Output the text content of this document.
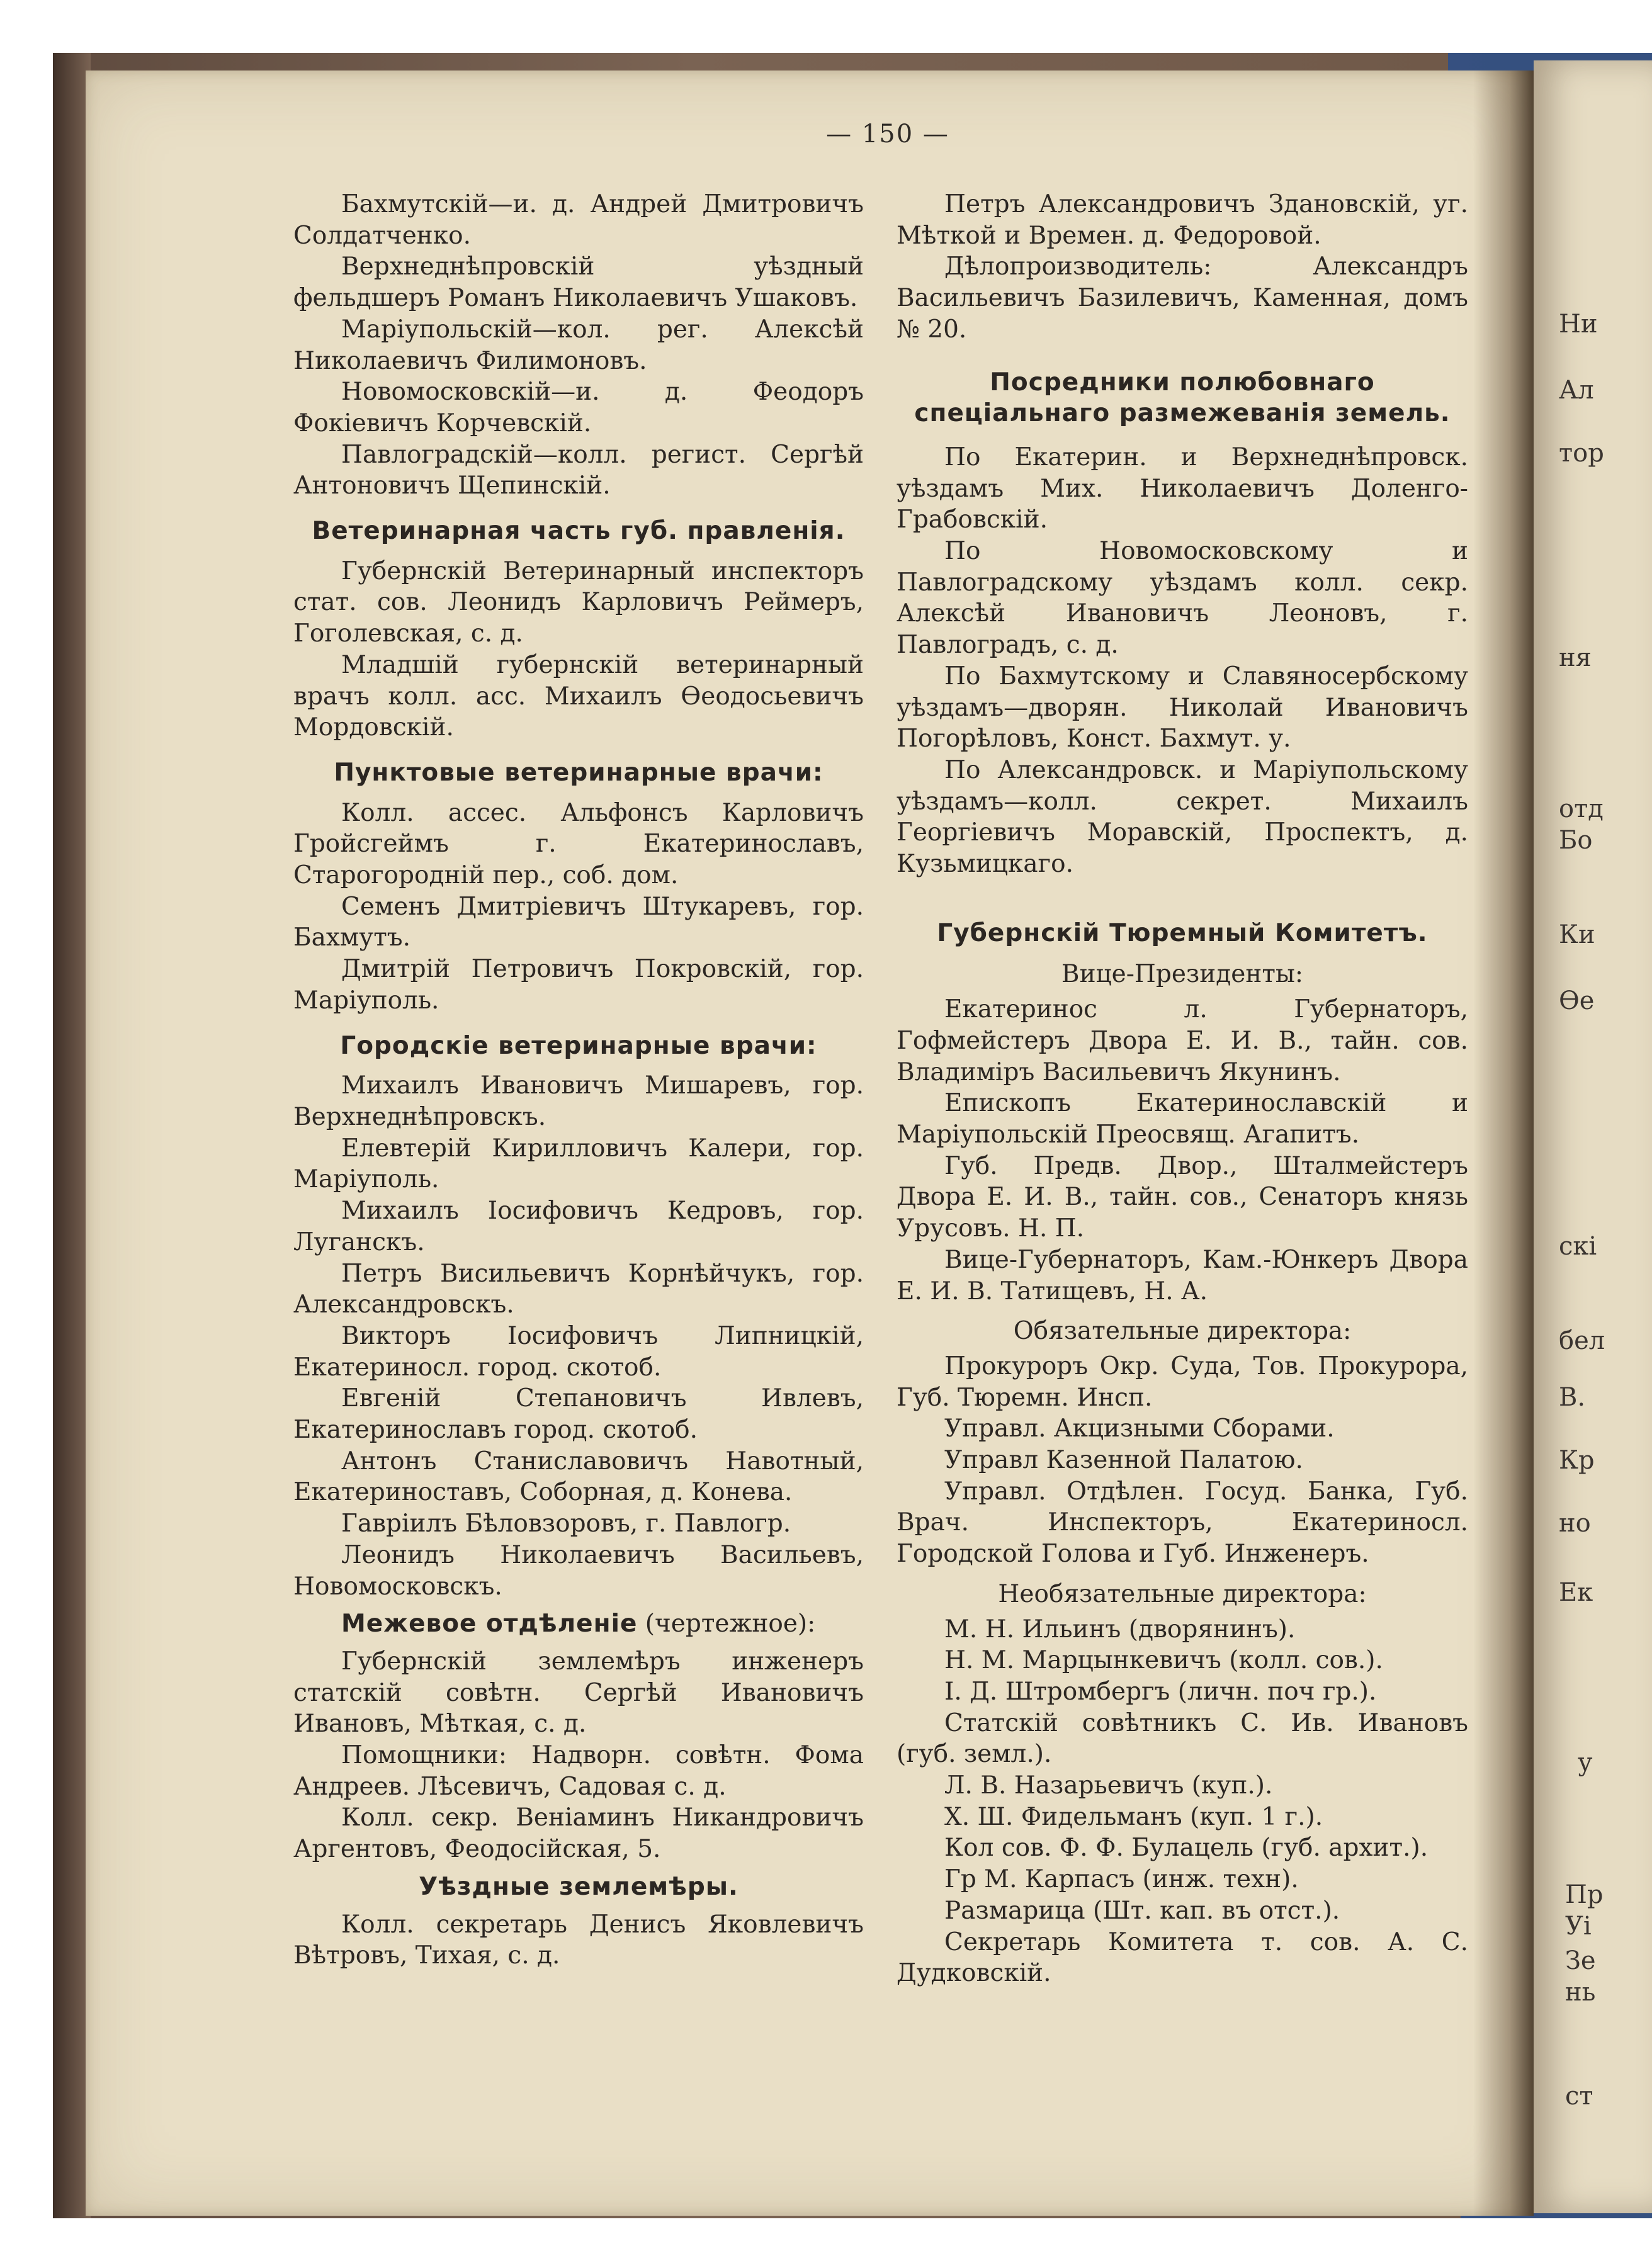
Ни
Ал
тор
ня
отд
Бо
Ки
Ѳе
скі
бел
В.
Кр
но
Ек
у
Пр
Уі
Зе
нь
ст
— 150 —

Бахмутскій—и. д. Андрей Дмитровичъ Солдатченко.

Верхнеднѣпровскій уѣздный фельдшеръ Романъ Николаевичъ Ушаковъ.

Маріупольскій—кол. рег. Алексѣй Николаевичъ Филимоновъ.

Новомосковскій—и. д. Феодоръ Фокіевичъ Корчевскій.

Павлоградскій—колл. регист. Сергѣй Антоновичъ Щепинскій.

Ветеринарная часть губ. правленія.

Губернскій Ветеринарный инспекторъ стат. сов. Леонидъ Карловичъ Реймеръ, Гоголевская, с. д.

Младшій губернскій ветеринарный врачъ колл. асс. Михаилъ Өеодосьевичъ Мордовскій.

Пунктовые ветеринарные врачи:

Колл. ассес. Альфонсъ Карловичъ Гройсгеймъ г. Екатеринославъ, Старогородній пер., соб. дом.

Семенъ Дмитріевичъ Штукаревъ, гор. Бахмутъ.

Дмитрій Петровичъ Покровскій, гор. Маріуполь.

Городскіе ветеринарные врачи:

Михаилъ Ивановичъ Мишаревъ, гор. Верхнеднѣпровскъ.

Елевтерій Кирилловичъ Калери, гор. Маріуполь.

Михаилъ Іосифовичъ Кедровъ, гор. Луганскъ.

Петръ Висильевичъ Корнѣйчукъ, гор. Александровскъ.

Викторъ Іосифовичъ Липницкій, Екатериносл. город. скотоб.

Евгеній Степановичъ Ивлевъ, Екатеринославъ город. скотоб.

Антонъ Станиславовичъ Навотный, Екатериноставъ, Соборная, д. Конева.

Гавріилъ Бѣловзоровъ, г. Павлогр.

Леонидъ Николаевичъ Васильевъ, Новомосковскъ.

Межевое отдѣленіе (чертежное):

Губернскій землемѣръ инженеръ статскій совѣтн. Сергѣй Ивановичъ Ивановъ, Мѣткая, с. д.

Помощники: Надворн. совѣтн. Фома Андреев. Лѣсевичъ, Садовая с. д.

Колл. секр. Веніаминъ Никандровичъ Аргентовъ, Феодосійская, 5.

Уѣздные землемѣры.

Колл. секретарь Денисъ Яковлевичъ Вѣтровъ, Тихая, с. д.

Петръ Александровичъ Здановскій, уг. Мѣткой и Времен. д. Федоровой.

Дѣлопроизводитель: Александръ Васильевичъ Базилевичъ, Каменная, домъ № 20.

Посредники полюбовнаго спеціальнаго размежеванія земель.

По Екатерин. и Верхнеднѣпровск. уѣздамъ Мих. Николаевичъ Доленго-Грабовскій.

По Новомосковскому и Павлоградскому уѣздамъ колл. секр. Алексѣй Ивановичъ Леоновъ, г. Павлоградъ, с. д.

По Бахмутскому и Славяносербскому уѣздамъ—дворян. Николай Ивановичъ Погорѣловъ, Конст. Бахмут. у.

По Александровск. и Маріупольскому уѣздамъ—колл. секрет. Михаилъ Георгіевичъ Моравскій, Проспектъ, д. Кузьмицкаго.

Губернскій Тюремный Комитетъ.

Вице-Президенты:

Екатеринос л. Губернаторъ, Гофмейстеръ Двора Е. И. В., тайн. сов. Владиміръ Васильевичъ Якунинъ.

Епископъ Екатеринославскій и Маріупольскій Преосвящ. Агапитъ.

Губ. Предв. Двор., Шталмейстеръ Двора Е. И. В., тайн. сов., Сенаторъ князь Урусовъ. Н. П.

Вице-Губернаторъ, Кам.-Юнкеръ Двора Е. И. В. Татищевъ, Н. А.

Обязательные директора:

Прокуроръ Окр. Суда, Тов. Прокурора, Губ. Тюремн. Инсп.

Управл. Акцизными Сборами.

Управл Казенной Палатою.

Управл. Отдѣлен. Госуд. Банка, Губ. Врач. Инспекторъ, Екатериносл. Городской Голова и Губ. Инженеръ.

Необязательные директора:

М. Н. Ильинъ (дворянинъ).

Н. М. Марцынкевичъ (колл. сов.).

І. Д. Штромбергъ (личн. поч гр.).

Статскій совѣтникъ С. Ив. Ивановъ (губ. земл.).

Л. В. Назарьевичъ (куп.).

Х. Ш. Фидельманъ (куп. 1 г.).

Кол сов. Ф. Ф. Булацель (губ. архит.).

Гр М. Карпасъ (инж. техн).

Размарица (Шт. кап. въ отст.).

Секретарь Комитета т. сов. А. С. Дудковскій.
